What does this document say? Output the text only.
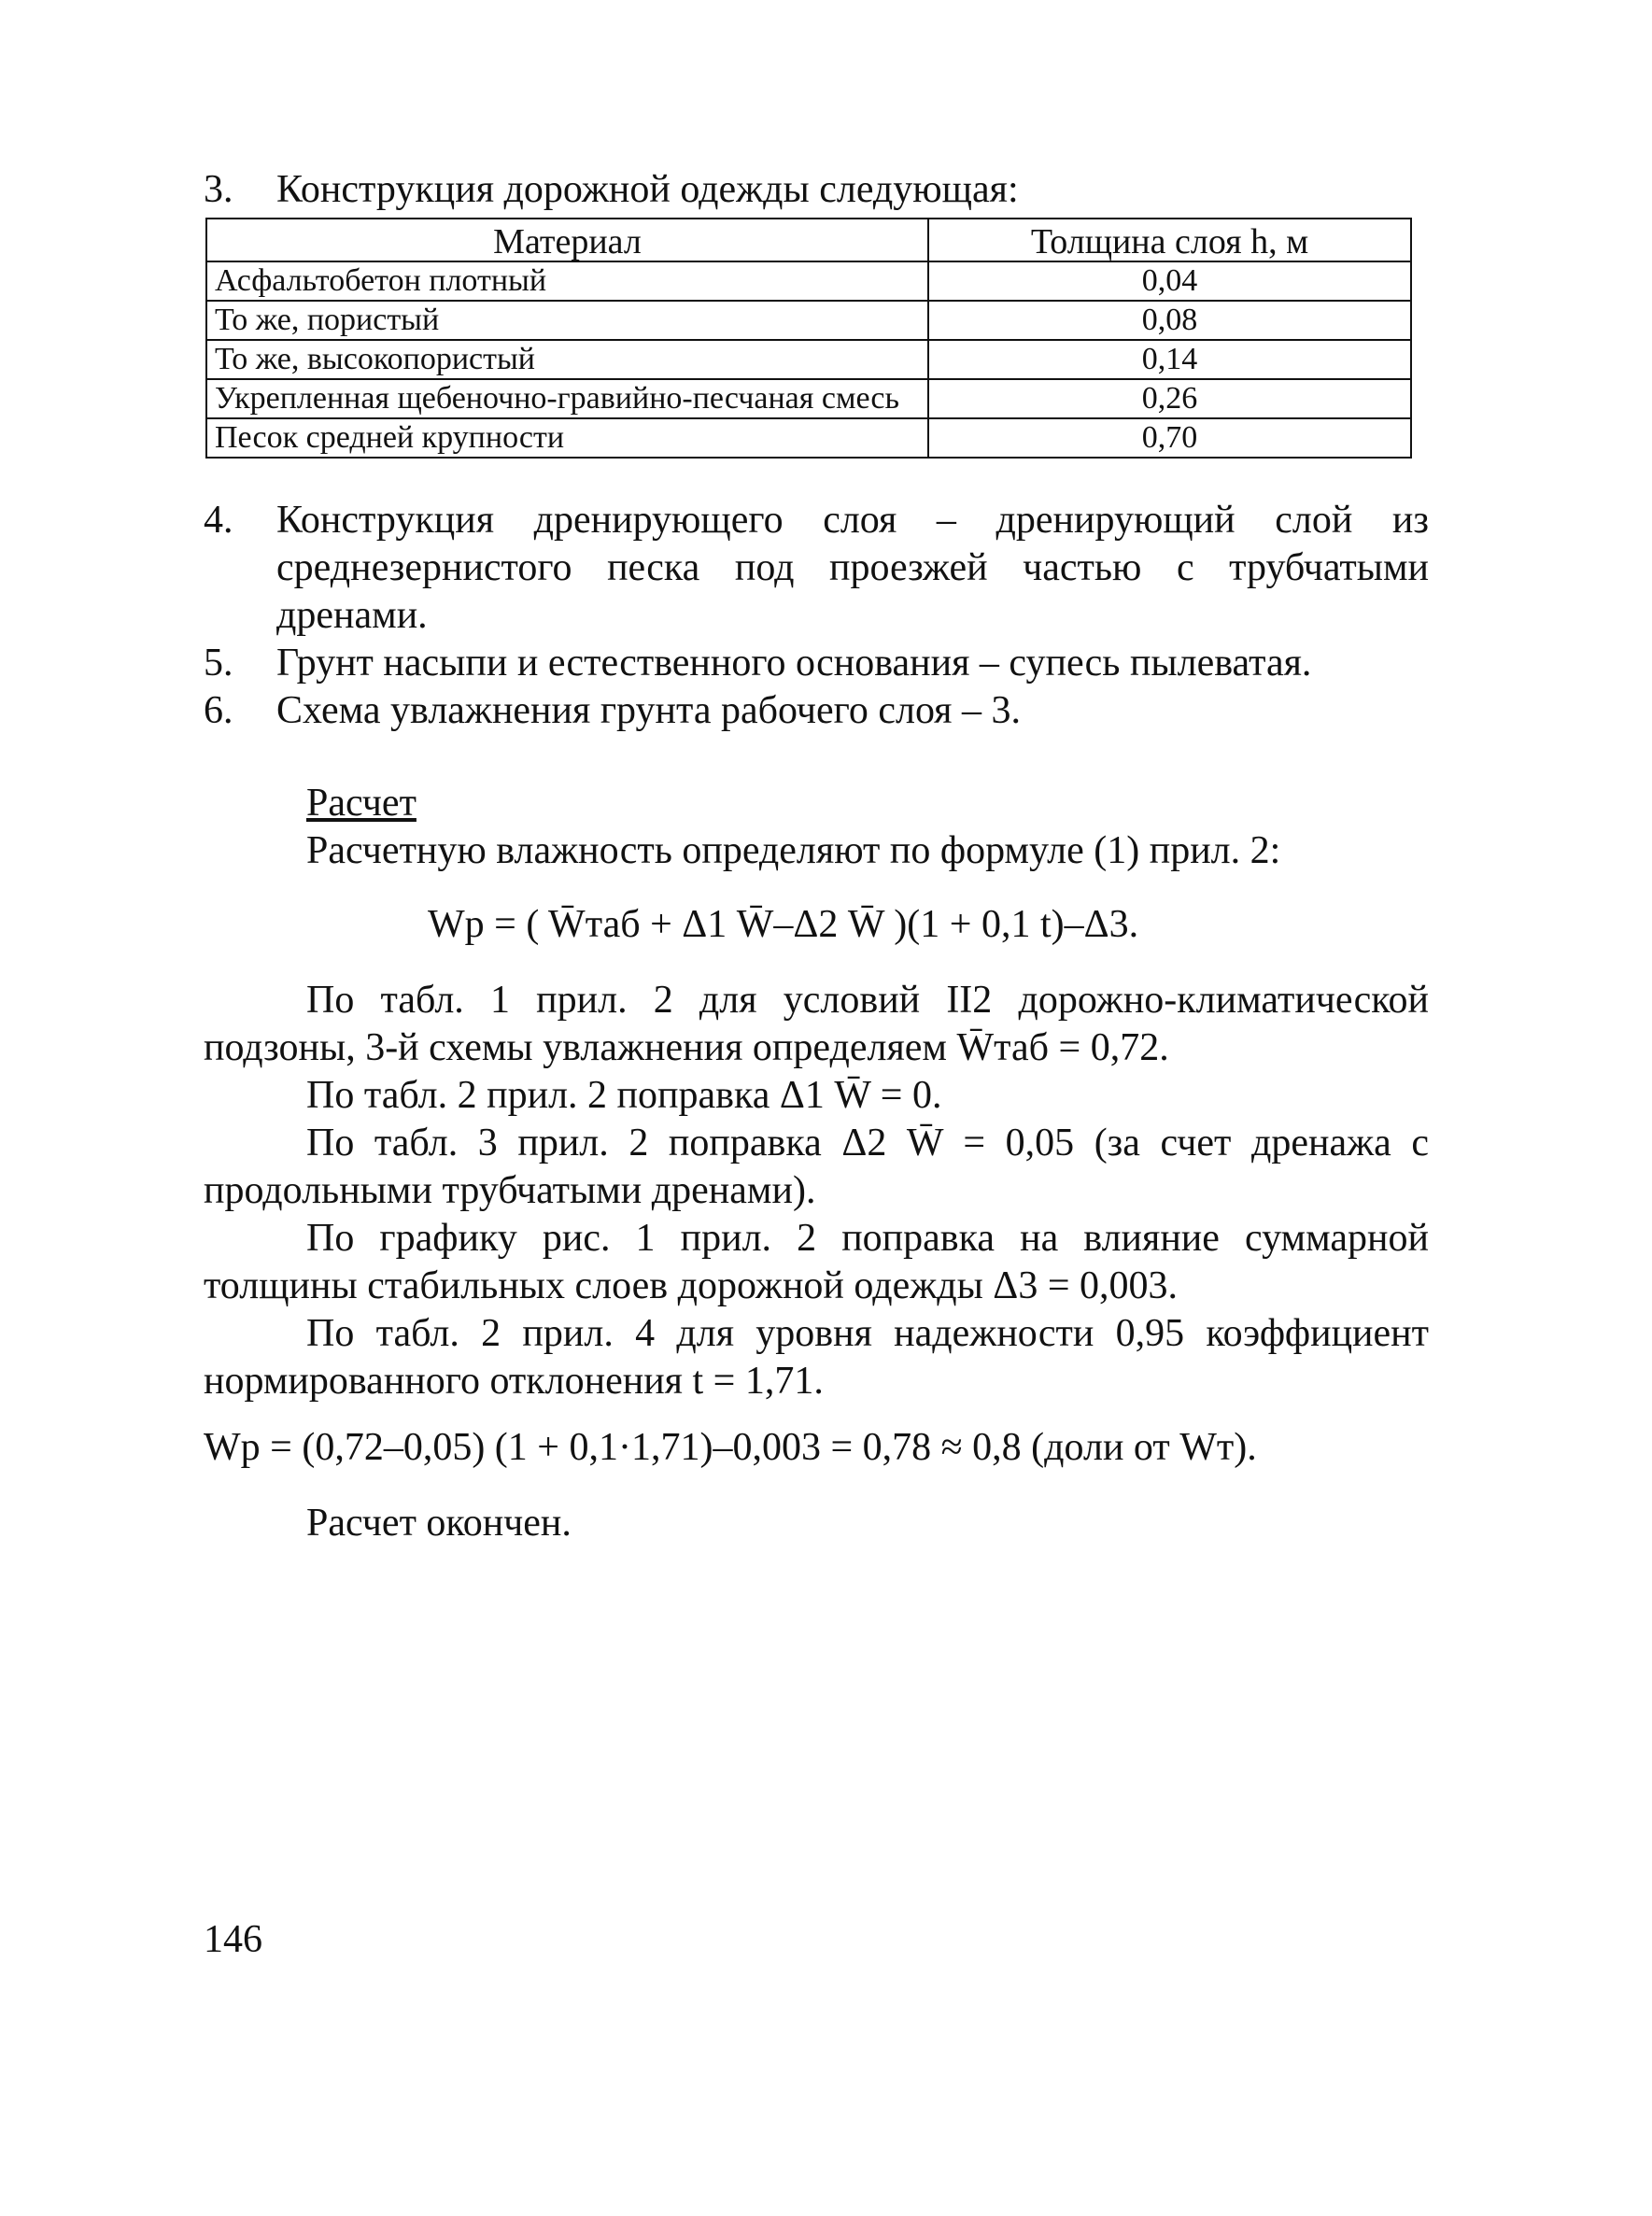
3. Конструкция дорожной одежды следующая:
Материал	Толщина слоя h, м
Асфальтобетон плотный	0,04
То же, пористый	0,08
То же, высокопористый	0,14
Укрепленная щебеночно-гравийно-песчаная смесь	0,26
Песок средней крупности	0,70
4.	Конструкция дренирующего слоя – дренирующий слой из среднезернистого песка под проезжей частью с трубчатыми дренами.
5.	Грунт насыпи и естественного основания – супесь пылеватая.
6.	Схема увлажнения грунта рабочего слоя – 3.
Расчет

Расчетную влажность определяют по формуле (1) прил. 2:

Wp = ( W̄таб + Δ1 W̄–Δ2 W̄ )(1 + 0,1 t)–Δ3.

По табл. 1 прил. 2 для условий II2 дорожно-климатической подзоны, 3-й схемы увлажнения определяем W̄таб = 0,72.

По табл. 2 прил. 2 поправка Δ1 W̄ = 0.

По табл. 3 прил. 2 поправка Δ2 W̄ = 0,05 (за счет дренажа с продольными трубчатыми дренами).

По графику рис. 1 прил. 2 поправка на влияние суммарной толщины стабильных слоев дорожной одежды Δ3 = 0,003.

По табл. 2 прил. 4 для уровня надежности 0,95 коэффициент нормированного отклонения t = 1,71.

Wp = (0,72–0,05) (1 + 0,1·1,71)–0,003 = 0,78 ≈ 0,8 (доли от Wт).
Расчет окончен.
146
